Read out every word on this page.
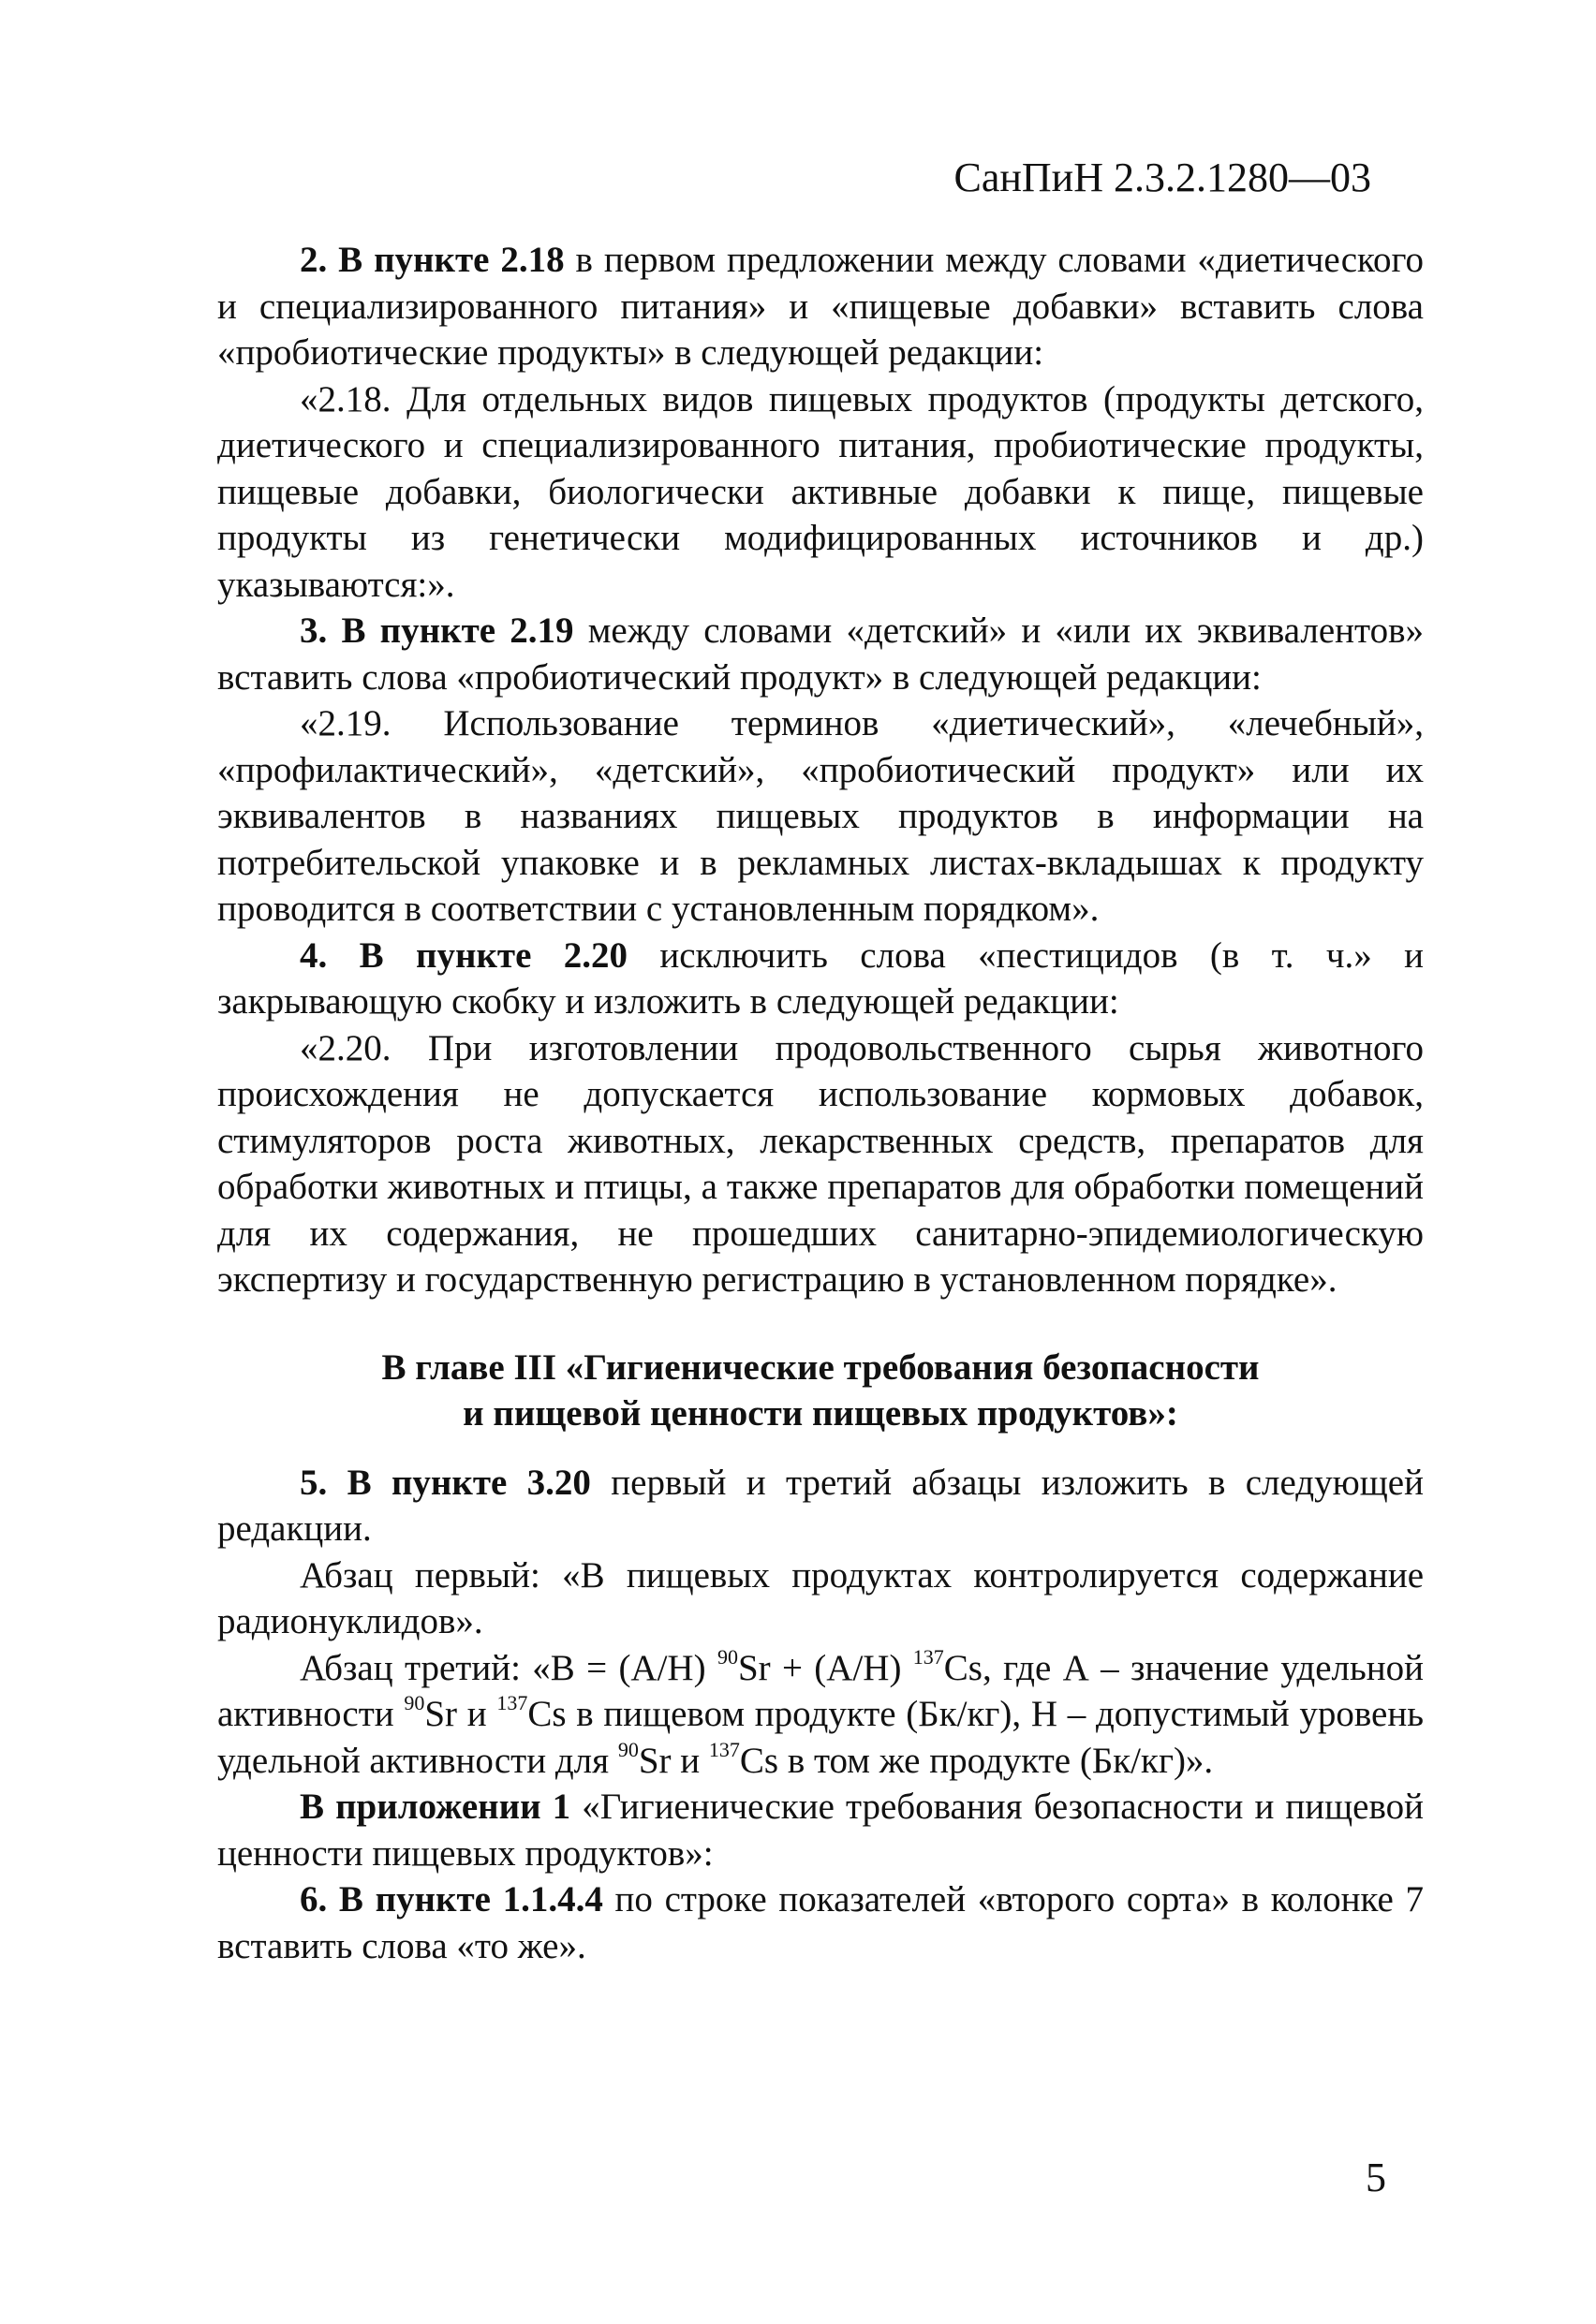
СанПиН 2.3.2.1280—03

2. В пункте 2.18 в первом предложении между словами «диетического и специализированного питания» и «пищевые добавки» вставить слова «пробиотические продукты» в следующей редакции:

«2.18. Для отдельных видов пищевых продуктов (продукты детского, диетического и специализированного питания, пробиотические продукты, пищевые добавки, биологически активные добавки к пище, пищевые продукты из генетически модифицированных источников и др.) указываются:».

3. В пункте 2.19 между словами «детский» и «или их эквивалентов» вставить слова «пробиотический продукт» в следующей редакции:

«2.19. Использование терминов «диетический», «лечебный», «профилактический», «детский», «пробиотический продукт» или их эквивалентов в названиях пищевых продуктов в информации на потребительской упаковке и в рекламных листах-вкладышах к продукту проводится в соответствии с установленным порядком».

4. В пункте 2.20 исключить слова «пестицидов (в т. ч.» и закрывающую скобку и изложить в следующей редакции:

«2.20. При изготовлении продовольственного сырья животного происхождения не допускается использование кормовых добавок, стимуляторов роста животных, лекарственных средств, препаратов для обработки животных и птицы, а также препаратов для обработки помещений для их содержания, не прошедших санитарно-эпидемиологическую экспертизу и государственную регистрацию в установленном порядке».

В главе III «Гигиенические требования безопасности
и пищевой ценности пищевых продуктов»:

5. В пункте 3.20 первый и третий абзацы изложить в следующей редакции.

Абзац первый: «В пищевых продуктах контролируется содержание радионуклидов».

Абзац третий: «В = (А/Н) $^{90}$Sr + (А/Н) $^{137}$Cs, где А – значение удельной активности $^{90}$Sr и $^{137}$Cs в пищевом продукте (Бк/кг), Н – допустимый уровень удельной активности для $^{90}$Sr и $^{137}$Cs в том же продукте (Бк/кг)».

В приложении 1 «Гигиенические требования безопасности и пищевой ценности пищевых продуктов»:

6. В пункте 1.1.4.4 по строке показателей «второго сорта» в колонке 7 вставить слова «то же».

5
